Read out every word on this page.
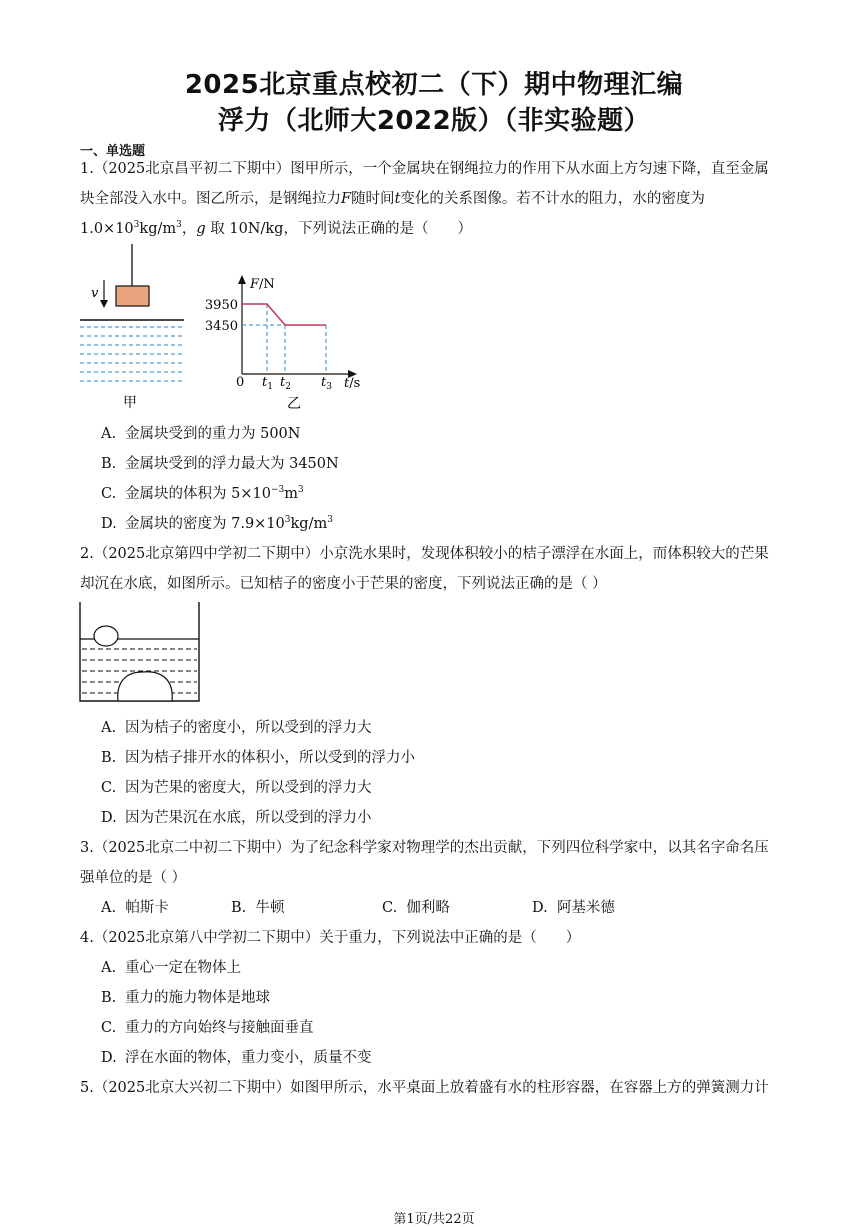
2025北京重点校初二（下）期中物理汇编
浮力（北师大2022版）（非实验题）
一、单选题
1.（2025北京昌平初二下期中）图甲所示，一个金属块在钢绳拉力的作用下从水面上方匀速下降，直至金属
块全部没入水中。图乙所示，是钢绳拉力F随时间t变化的关系图像。若不计水的阻力，水的密度为
$1.0\times 10^3kg/m^3$，g 取 10N/kg，下列说法正确的是（　　）
v
甲
F/N
t/s
0
3950
3450
$t_1$ $t_2$ $t_3$
乙
A. 金属块受到的重力为 500N
B. 金属块受到的浮力最大为 3450N
C. 金属块的体积为 $5\times 10^{-3}m^3$
D. 金属块的密度为 $7.9\times 10^3kg/m^3$
2.（2025北京第四中学初二下期中）小京洗水果时，发现体积较小的桔子漂浮在水面上，而体积较大的芒果
却沉在水底，如图所示。已知桔子的密度小于芒果的密度，下列说法正确的是（ ）
A. 因为桔子的密度小，所以受到的浮力大
B. 因为桔子排开水的体积小，所以受到的浮力小
C. 因为芒果的密度大，所以受到的浮力大
D. 因为芒果沉在水底，所以受到的浮力小
3.（2025北京二中初二下期中）为了纪念科学家对物理学的杰出贡献，下列四位科学家中，以其名字命名压
强单位的是（ ）
A. 帕斯卡	B. 牛顿	C. 伽利略	D. 阿基米德
4.（2025北京第八中学初二下期中）关于重力，下列说法中正确的是（　　）
A. 重心一定在物体上
B. 重力的施力物体是地球
C. 重力的方向始终与接触面垂直
D. 浮在水面的物体，重力变小，质量不变
5.（2025北京大兴初二下期中）如图甲所示，水平桌面上放着盛有水的柱形容器，在容器上方的弹簧测力计
第1页/共22页
